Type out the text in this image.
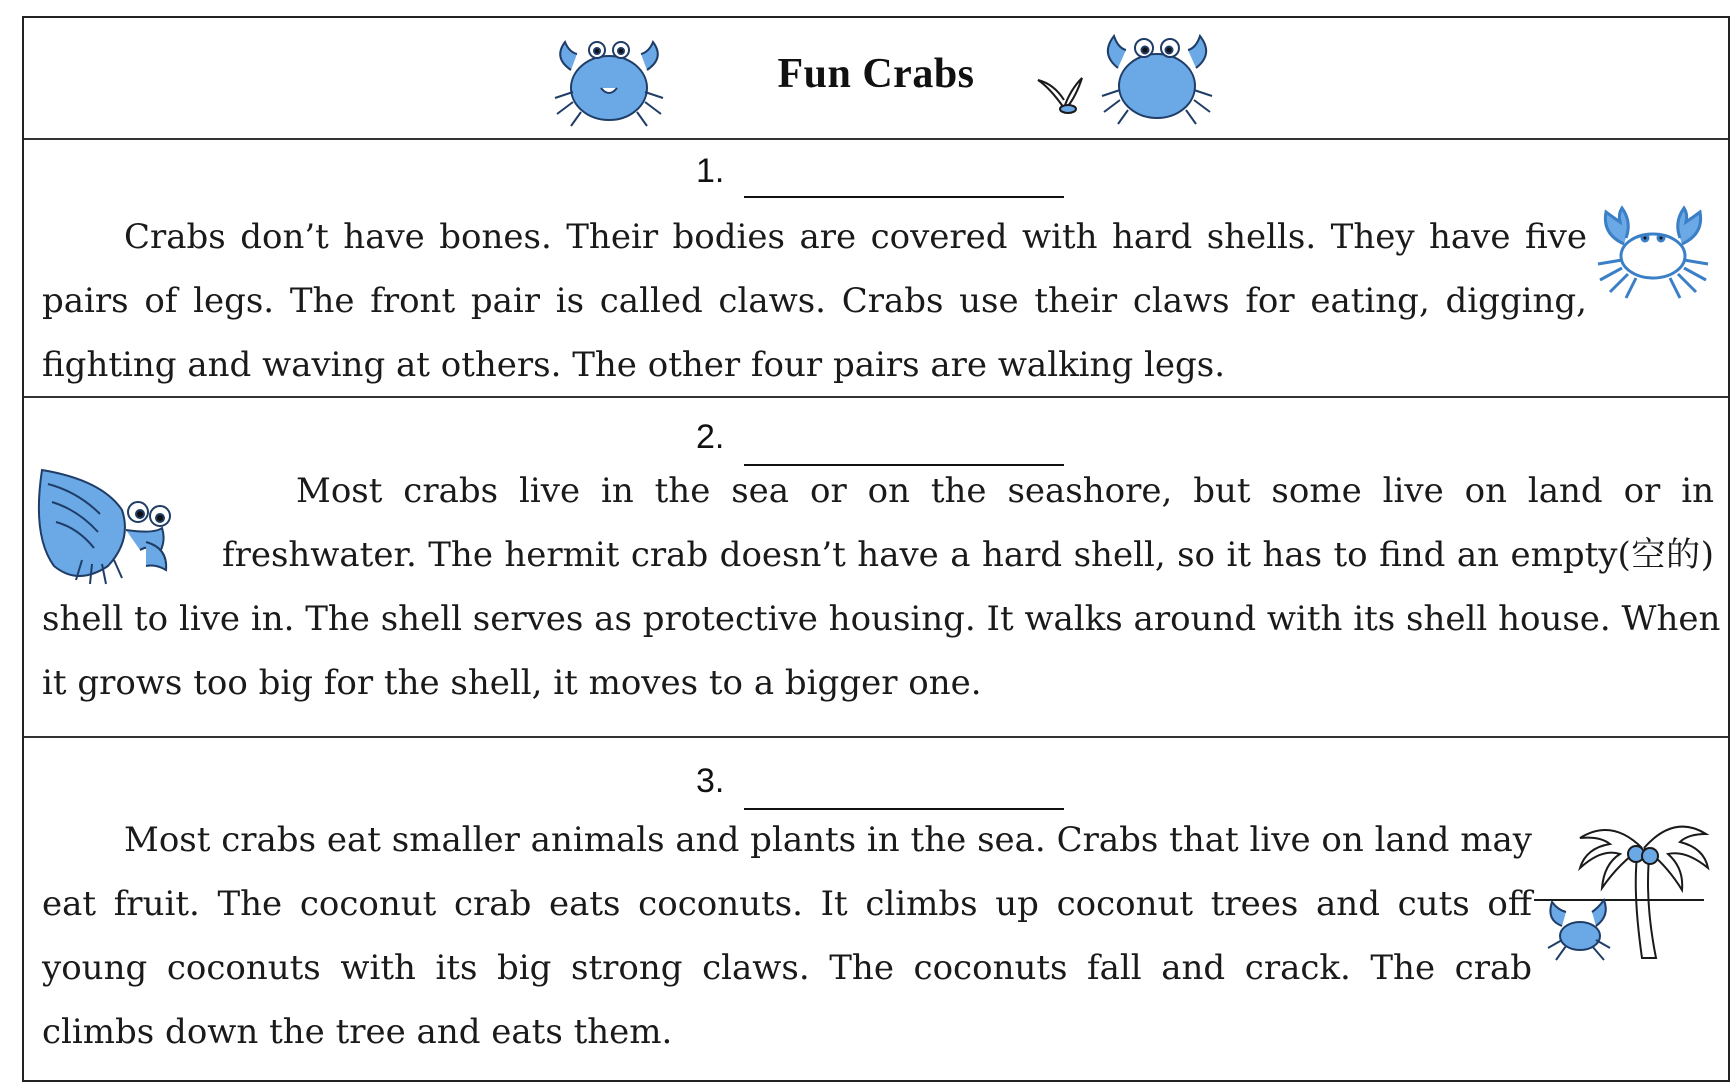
Fun Crabs
1.
Crabs don’t have bones. Their bodies are covered with hard shells. They have five
pairs of legs. The front pair is called claws. Crabs use their claws for eating, digging,
fighting and waving at others. The other four pairs are walking legs.
2.
Most crabs live in the sea or on the seashore, but some live on land or in
freshwater. The hermit crab doesn’t have a hard shell, so it has to find an empty(空的)
shell to live in. The shell serves as protective housing. It walks around with its shell house. When
it grows too big for the shell, it moves to a bigger one.
3.
Most crabs eat smaller animals and plants in the sea. Crabs that live on land may
eat fruit. The coconut crab eats coconuts. It climbs up coconut trees and cuts off
young coconuts with its big strong claws. The coconuts fall and crack. The crab
climbs down the tree and eats them.
